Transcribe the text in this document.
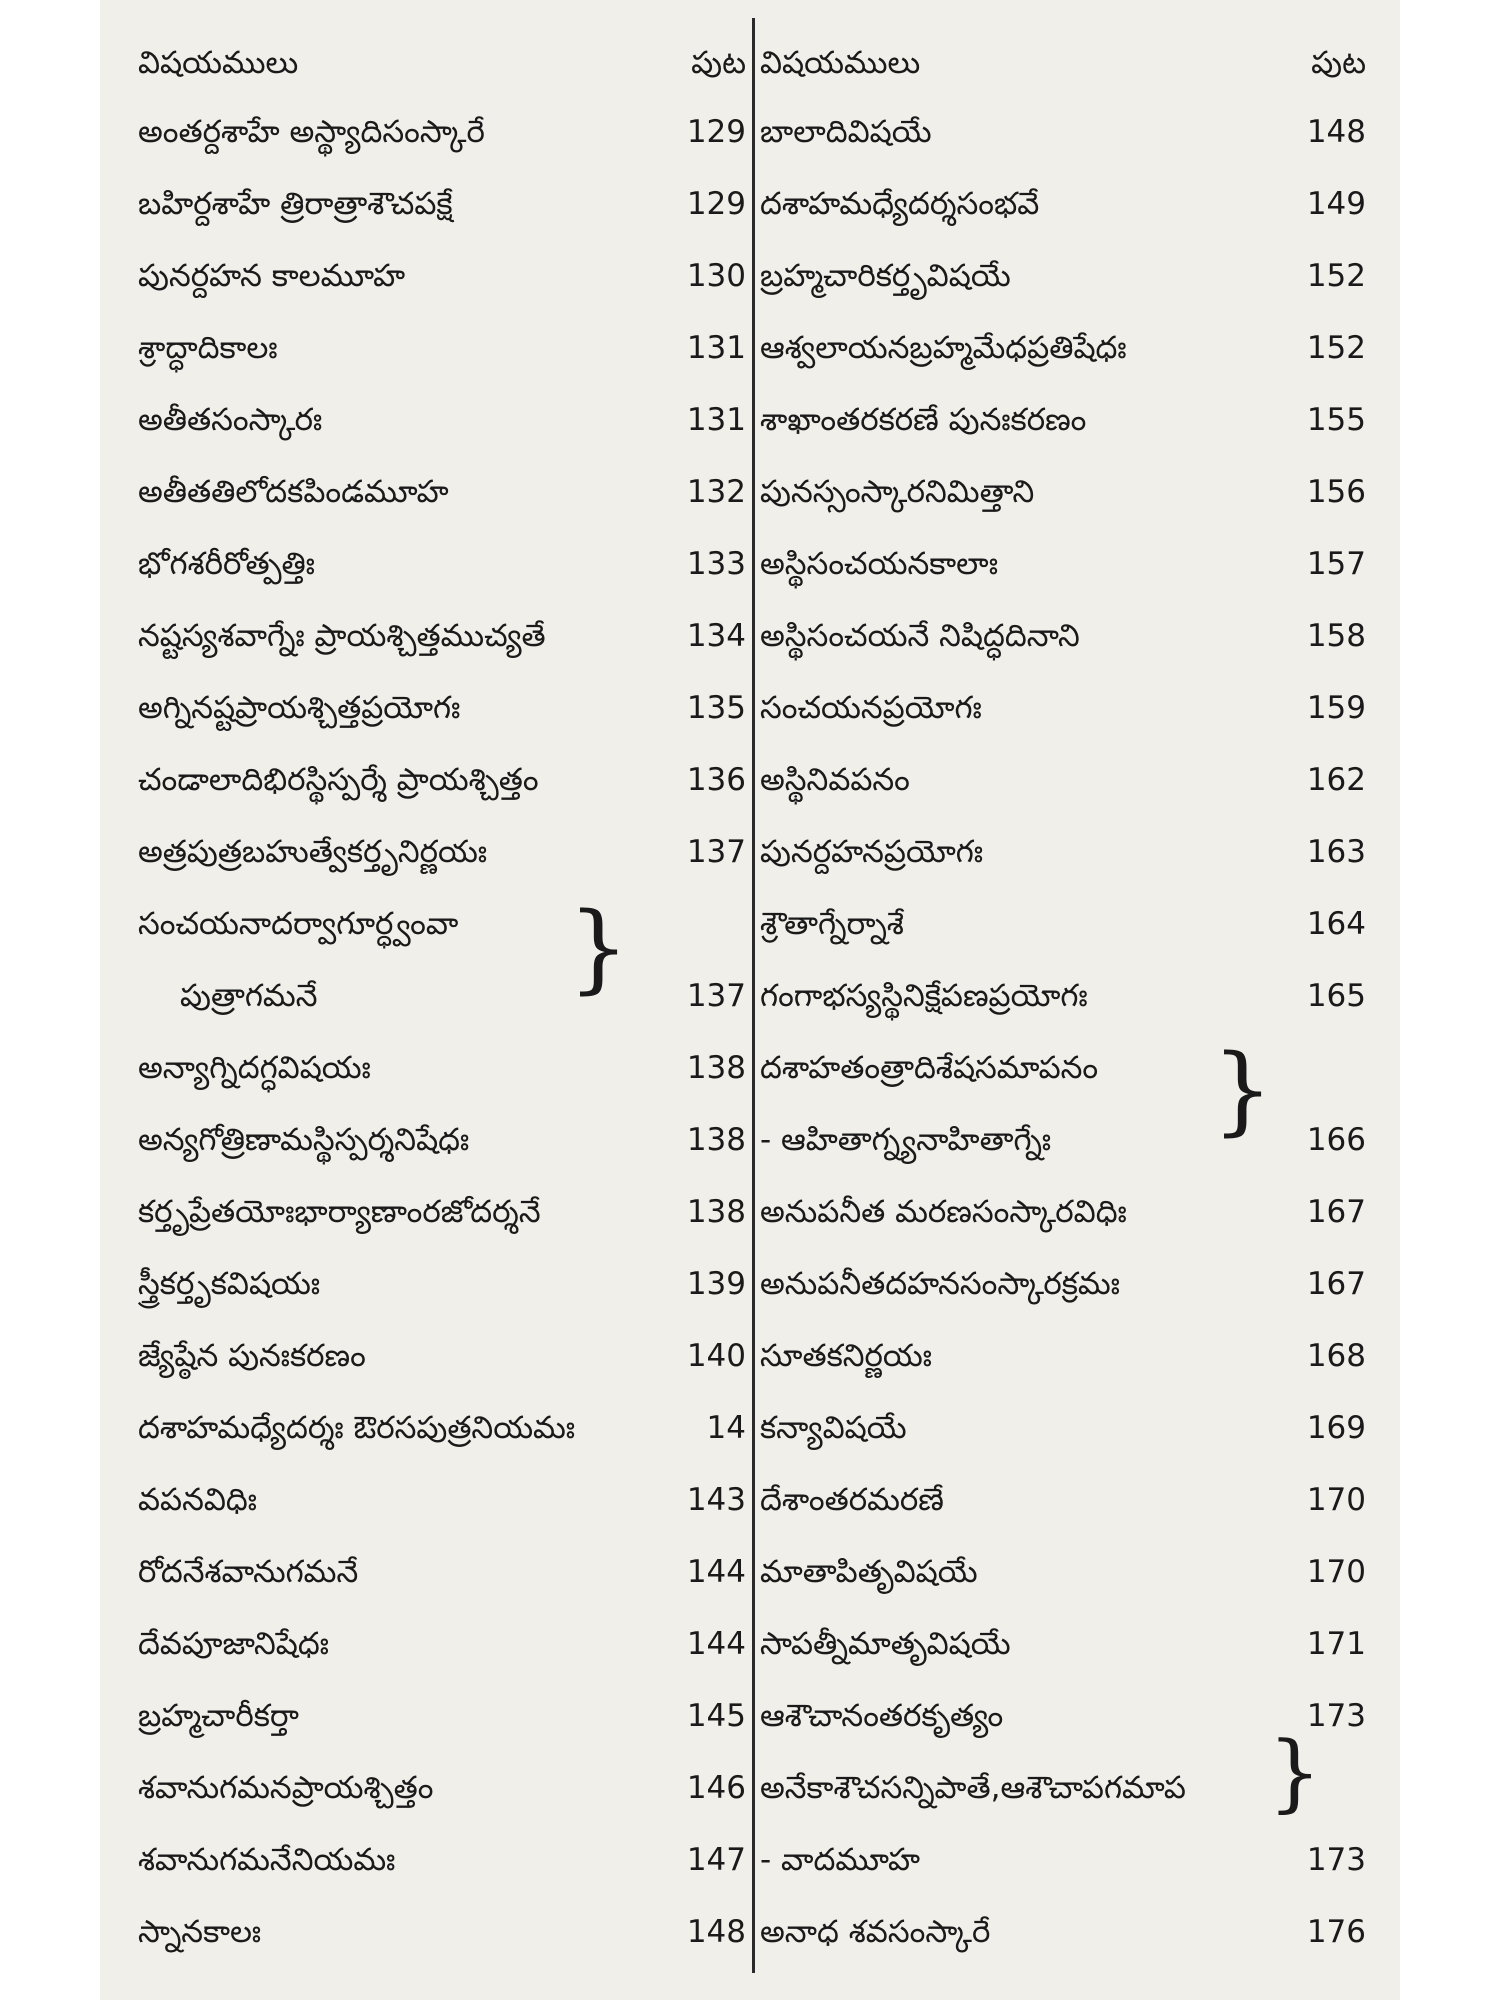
విషయములు	పుట
అంతర్దశాహే అస్థ్యాదిసంస్కారే	129
బహిర్దశాహే త్రిరాత్రాశౌచపక్షే	129
పునర్దహన కాలమూహ	130
శ్రాద్ధాదికాలః	131
అతీతసంస్కారః	131
అతీతతిలోదకపిండమూహ	132
భోగశరీరోత్పత్తిః	133
నష్టస్యశవాగ్నేః ప్రాయశ్చిత్తముచ్యతే	134
అగ్నినష్టప్రాయశ్చిత్తప్రయోగః	135
చండాలాదిభిరస్థిస్పర్శే ప్రాయశ్చిత్తం	136
అత్రపుత్రబహుత్వేకర్తృనిర్ణయః	137
సంచయనాదర్వాగూర్ధ్వంవా
పుత్రాగమనే	137
అన్యాగ్నిదగ్ధవిషయః	138
అన్యగోత్రిణామస్థిస్పర్శనిషేధః	138
కర్తృప్రేతయోఃభార్యాణాంరజోదర్శనే	138
స్త్రీకర్తృకవిషయః	139
జ్యేష్ఠేన పునఃకరణం	140
దశాహమధ్యేదర్శః ఔరసపుత్రనియమః	14
వపనవిధిః	143
రోదనేశవానుగమనే	144
దేవపూజానిషేధః	144
బ్రహ్మచారీకర్తా	145
శవానుగమనప్రాయశ్చిత్తం	146
శవానుగమనేనియమః	147
స్నానకాలః	148
విషయములు	పుట
బాలాదివిషయే	148
దశాహమధ్యేదర్శసంభవే	149
బ్రహ్మచారికర్తృవిషయే	152
ఆశ్వలాయనబ్రహ్మమేధప్రతిషేధః	152
శాఖాంతరకరణే పునఃకరణం	155
పునస్సంస్కారనిమిత్తాని	156
అస్థిసంచయనకాలాః	157
అస్థిసంచయనే నిషిద్ధదినాని	158
సంచయనప్రయోగః	159
అస్థినివపనం	162
పునర్దహనప్రయోగః	163
శ్రౌతాగ్నేర్నాశే	164
గంగాభస్యస్థినిక్షేపణప్రయోగః	165
దశాహతంత్రాదిశేషసమాపనం
- ఆహితాగ్న్యనాహితాగ్నేః	166
అనుపనీత మరణసంస్కారవిధిః	167
అనుపనీతదహనసంస్కారక్రమః	167
సూతకనిర్ణయః	168
కన్యావిషయే	169
దేశాంతరమరణే	170
మాతాపితృవిషయే	170
సాపత్నీమాతృవిషయే	171
ఆశౌచానంతరకృత్యం	173
అనేకాశౌచసన్నిపాతే,ఆశౌచాపగమాప
- వాదమూహ	173
అనాధ శవసంస్కారే	176
}
}
}
